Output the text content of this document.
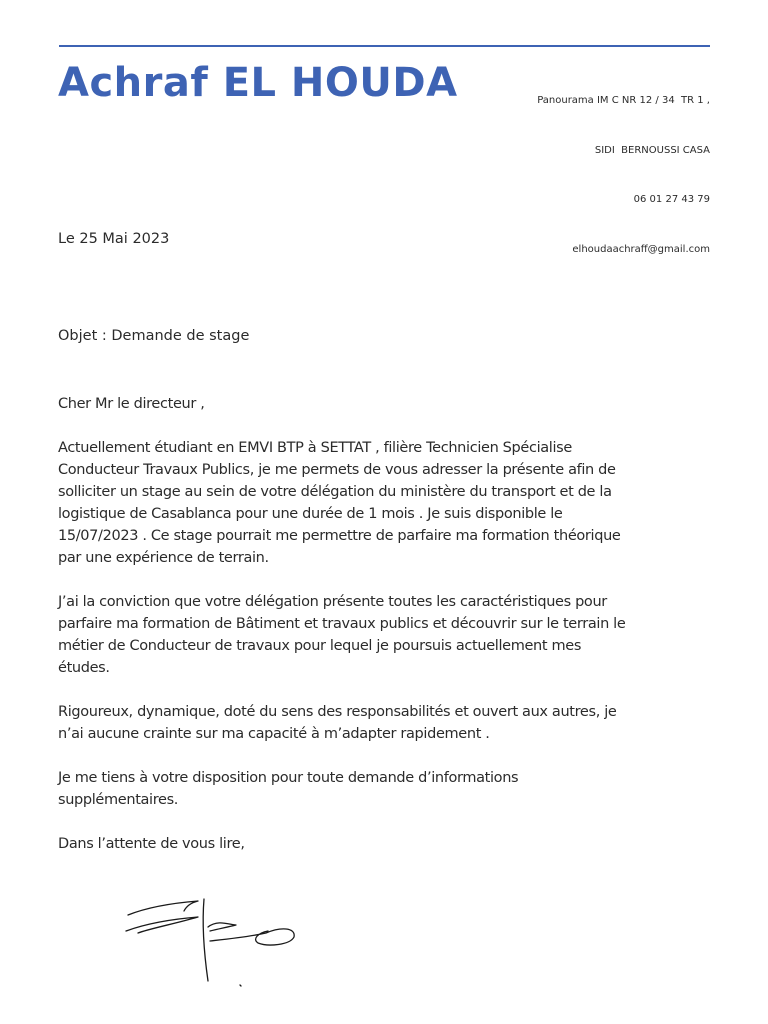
Achraf EL HOUDA

	Panourama IM C NR 12 / 34  TR 1 ,

SIDI  BERNOUSSI CASA

06 01 27 43 79

elhoudaachraff@gmail.com

Le 25 Mai 2023
Objet : Demande de stage

Cher Mr le directeur ,

Actuellement étudiant en EMVI BTP à SETTAT , filière Technicien Spécialise
Conducteur Travaux Publics, je me permets de vous adresser la présente afin de
solliciter un stage au sein de votre délégation du ministère du transport et de la
logistique de Casablanca pour une durée de 1 mois . Je suis disponible le
15/07/2023 . Ce stage pourrait me permettre de parfaire ma formation théorique
par une expérience de terrain.

J’ai la conviction que votre délégation présente toutes les caractéristiques pour
parfaire ma formation de Bâtiment et travaux publics et découvrir sur le terrain le
métier de Conducteur de travaux pour lequel je poursuis actuellement mes
études.

Rigoureux, dynamique, doté du sens des responsabilités et ouvert aux autres, je
n’ai aucune crainte sur ma capacité à m’adapter rapidement .

Je me tiens à votre disposition pour toute demande d’informations
supplémentaires.

Dans l’attente de vous lire,
